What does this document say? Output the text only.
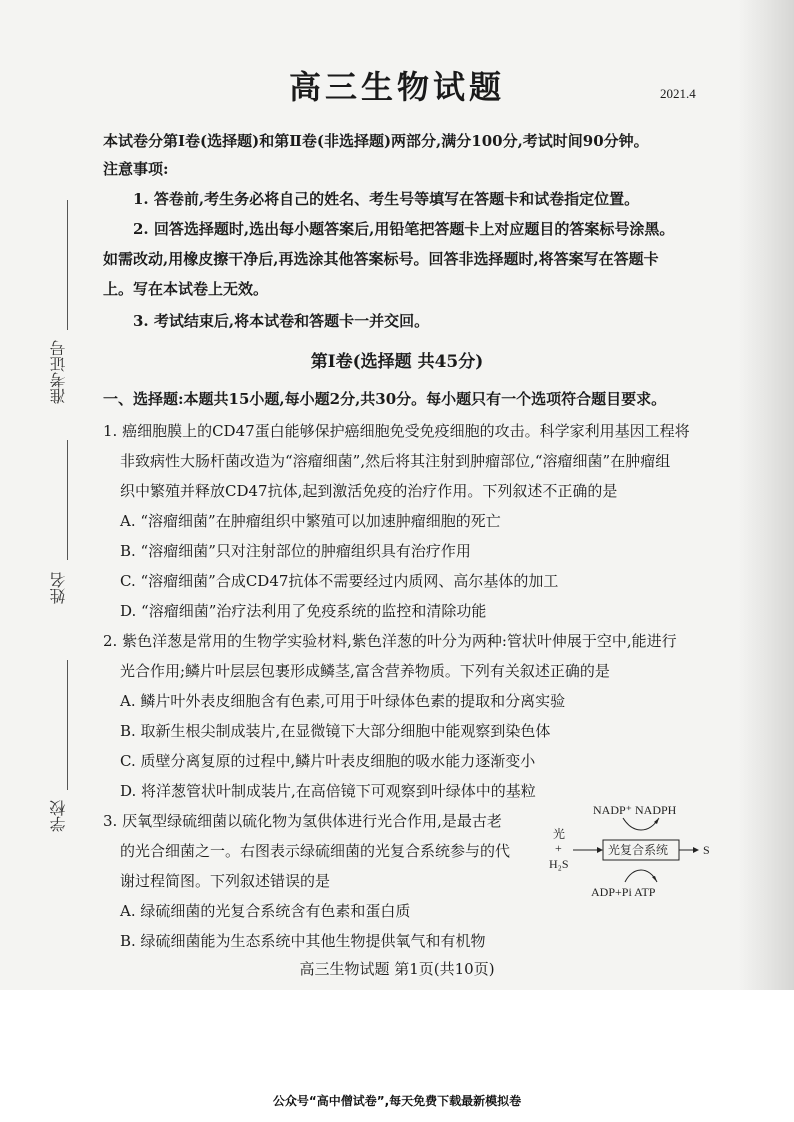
准考证号
姓名
学校
高三生物试题	2021.4
本试卷分第Ⅰ卷(选择题)和第Ⅱ卷(非选择题)两部分,满分100分,考试时间90分钟。
注意事项:
1. 答卷前,考生务必将自己的姓名、考生号等填写在答题卡和试卷指定位置。
2. 回答选择题时,选出每小题答案后,用铅笔把答题卡上对应题目的答案标号涂黑。
如需改动,用橡皮擦干净后,再选涂其他答案标号。回答非选择题时,将答案写在答题卡
上。写在本试卷上无效。
3. 考试结束后,将本试卷和答题卡一并交回。
第Ⅰ卷(选择题 共45分)
一、选择题:本题共15小题,每小题2分,共30分。每小题只有一个选项符合题目要求。
1. 癌细胞膜上的CD47蛋白能够保护癌细胞免受免疫细胞的攻击。科学家利用基因工程将
非致病性大肠杆菌改造为“溶瘤细菌”,然后将其注射到肿瘤部位,“溶瘤细菌”在肿瘤组
织中繁殖并释放CD47抗体,起到激活免疫的治疗作用。下列叙述不正确的是
A. “溶瘤细菌”在肿瘤组织中繁殖可以加速肿瘤细胞的死亡
B. “溶瘤细菌”只对注射部位的肿瘤组织具有治疗作用
C. “溶瘤细菌”合成CD47抗体不需要经过内质网、高尔基体的加工
D. “溶瘤细菌”治疗法利用了免疫系统的监控和清除功能
2. 紫色洋葱是常用的生物学实验材料,紫色洋葱的叶分为两种:管状叶伸展于空中,能进行
光合作用;鳞片叶层层包裹形成鳞茎,富含营养物质。下列有关叙述正确的是
A. 鳞片叶外表皮细胞含有色素,可用于叶绿体色素的提取和分离实验
B. 取新生根尖制成装片,在显微镜下大部分细胞中能观察到染色体
C. 质壁分离复原的过程中,鳞片叶表皮细胞的吸水能力逐渐变小
D. 将洋葱管状叶制成装片,在高倍镜下可观察到叶绿体中的基粒
3. 厌氧型绿硫细菌以硫化物为氢供体进行光合作用,是最古老
的光合细菌之一。右图表示绿硫细菌的光复合系统参与的代
谢过程简图。下列叙述错误的是
A. 绿硫细菌的光复合系统含有色素和蛋白质
B. 绿硫细菌能为生态系统中其他生物提供氧气和有机物
NADP⁺ NADPH
光
+
H₂S
光复合系统	S
ADP+Pi ATP
高三生物试题 第1页(共10页)
公众号“高中僧试卷”,每天免费下载最新模拟卷
